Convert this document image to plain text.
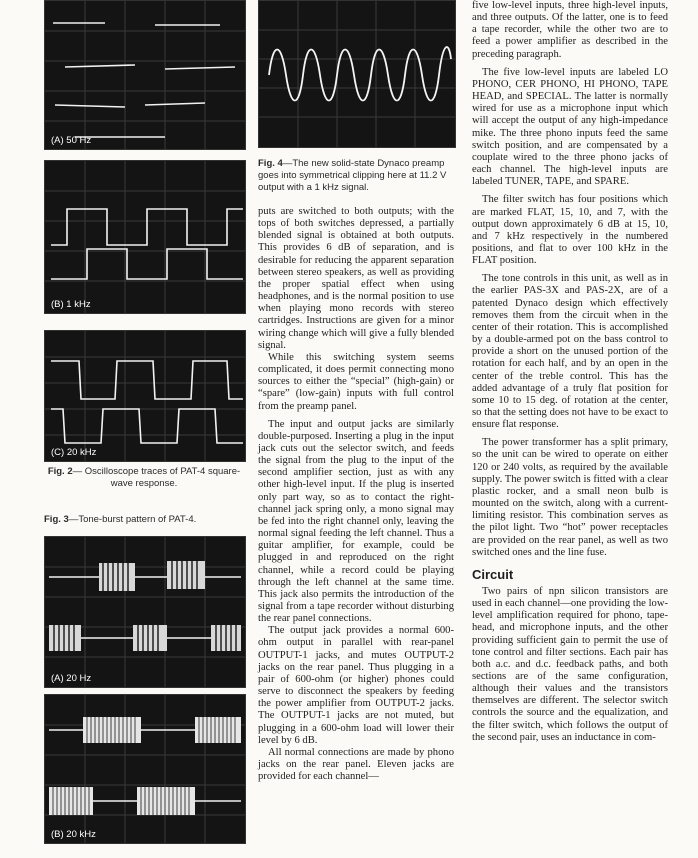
(A) 50 Hz
(B) 1 kHz
(C) 20 kHz
Fig. 2— Oscilloscope traces of PAT-4 square-wave response.
Fig. 3—Tone-burst pattern of PAT-4.
(A) 20 Hz
(B) 20 kHz
Fig. 4—The new solid-state Dynaco preamp goes into symmetrical clipping here at 11.2 V output with a 1 kHz signal.

puts are switched to both outputs; with the tops of both switches depressed, a partially blended signal is obtained at both outputs. This provides 6 dB of separation, and is desirable for reducing the apparent separation between stereo speakers, as well as providing the proper spatial effect when using headphones, and is the normal position to use when playing mono records with stereo cartridges. Instructions are given for a minor wiring change which will give a fully blended signal.

While this switching system seems complicated, it does permit connecting mono sources to either the “special” (high-gain) or “spare” (low-gain) inputs with full control from the preamp panel.

The input and output jacks are similarly double-purposed. Inserting a plug in the input jack cuts out the selector switch, and feeds the signal from the plug to the input of the second amplifier section, just as with any other high-level input. If the plug is inserted only part way, so as to contact the right-channel jack spring only, a mono signal may be fed into the right channel only, leaving the normal signal feeding the left channel. Thus a guitar amplifier, for example, could be plugged in and reproduced on the right channel, while a record could be playing through the left channel at the same time. This jack also permits the introduction of the signal from a tape recorder without disturbing the rear panel connections.

The output jack provides a normal 600-ohm output in parallel with rear-panel OUTPUT-1 jacks, and mutes OUTPUT-2 jacks on the rear panel. Thus plugging in a pair of 600-ohm (or higher) phones could serve to disconnect the speakers by feeding the power amplifier from OUTPUT-2 jacks. The OUTPUT-1 jacks are not muted, but plugging in a 600-ohm load will lower their level by 6 dB.

All normal connections are made by phono jacks on the rear panel. Eleven jacks are provided for each channel—

five low-level inputs, three high-level inputs, and three outputs. Of the latter, one is to feed a tape recorder, while the other two are to feed a power amplifier as described in the preceding paragraph.

The five low-level inputs are labeled LO PHONO, CER PHONO, HI PHONO, TAPE HEAD, and SPECIAL. The latter is normally wired for use as a microphone input which will accept the output of any high-impedance mike. The three phono inputs feed the same switch position, and are compensated by a couplate wired to the three phono jacks of each channel. The high-level inputs are labeled TUNER, TAPE, and SPARE.

The filter switch has four positions which are marked FLAT, 15, 10, and 7, with the output down approximately 6 dB at 15, 10, and 7 kHz respectively in the numbered positions, and flat to over 100 kHz in the FLAT position.

The tone controls in this unit, as well as in the earlier PAS-3X and PAS-2X, are of a patented Dynaco design which effectively removes them from the circuit when in the center of their rotation. This is accomplished by a double-armed pot on the bass control to provide a short on the unused portion of the rotation for each half, and by an open in the center of the treble control. This has the added advantage of a truly flat position for some 10 to 15 deg. of rotation at the center, so that the setting does not have to be exact to ensure flat response.

The power transformer has a split primary, so the unit can be wired to operate on either 120 or 240 volts, as required by the available supply. The power switch is fitted with a clear plastic rocker, and a small neon bulb is mounted on the switch, along with a current-limiting resistor. This combination serves as the pilot light. Two “hot” power receptacles are provided on the rear panel, as well as two switched ones and the line fuse.

Circuit

Two pairs of npn silicon transistors are used in each channel—one providing the low-level amplification required for phono, tape-head, and microphone inputs, and the other providing sufficient gain to permit the use of tone control and filter sections. Each pair has both a.c. and d.c. feedback paths, and both sections are of the same configuration, although their values and the transistors themselves are different. The selector switch controls the source and the equalization, and the filter switch, which follows the output of the second pair, uses an inductance in com-
